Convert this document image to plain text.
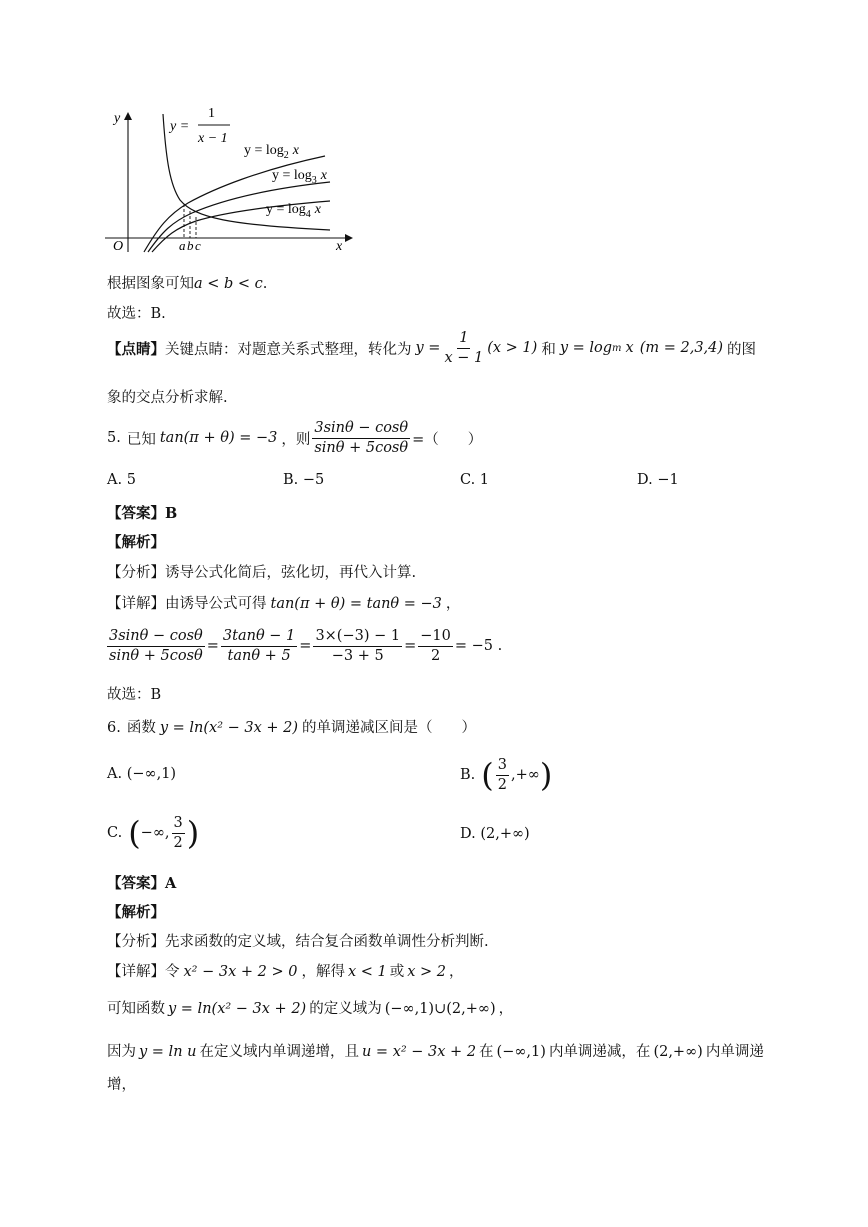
y
x
O	a b c
y =
1
x − 1
$y = \log_2 x$
$y = \log_3 x$
$y = \log_4 x$
根据图象可知a < b < c.
故选：B.
【点睛】 关键点睛：对题意关系式整理，转化为 $y = \frac{1}{x - 1} (x > 1)$ 和 y = log m x (m = 2,3,4) 的图
象的交点分析求解.
5. 已知 tan(π + θ) = −3 ，则 $\frac{3\sin\theta - \cos\theta}{\sin\theta + 5\cos\theta}$ =（　　）
A. 5	B. −5	C. 1	D. −1
【答案】B
【解析】
【分析】诱导公式化简后，弦化切，再代入计算.
【详解】由诱导公式可得 tan(π + θ) = tanθ = −3 ，
$\frac{3\sin\theta - \cos\theta}{\sin\theta + 5\cos\theta} = \frac{3\tan\theta - 1}{\tan\theta + 5} = \frac{3\times(-3) - 1}{-3 + 5} = \frac{-10}{2} = -5$ .
故选：B
6. 函数 y = ln(x² − 3x + 2) 的单调递减区间是（　　）
A. (−∞,1)	B. ( $\frac{3}{2}$ ,+∞ )
C. ( −∞, $\frac{3}{2}$ )	D. (2,+∞)
【答案】A
【解析】
【分析】先求函数的定义域，结合复合函数单调性分析判断.
【详解】令 x² − 3x + 2 > 0 ，解得 x < 1 或 x > 2 ，
可知函数 y = ln(x² − 3x + 2) 的定义域为 (−∞,1)∪(2,+∞) ，
因为 y = ln u 在定义域内单调递增，且 u = x² − 3x + 2 在 (−∞,1) 内单调递减，在 (2,+∞) 内单调递
增，
